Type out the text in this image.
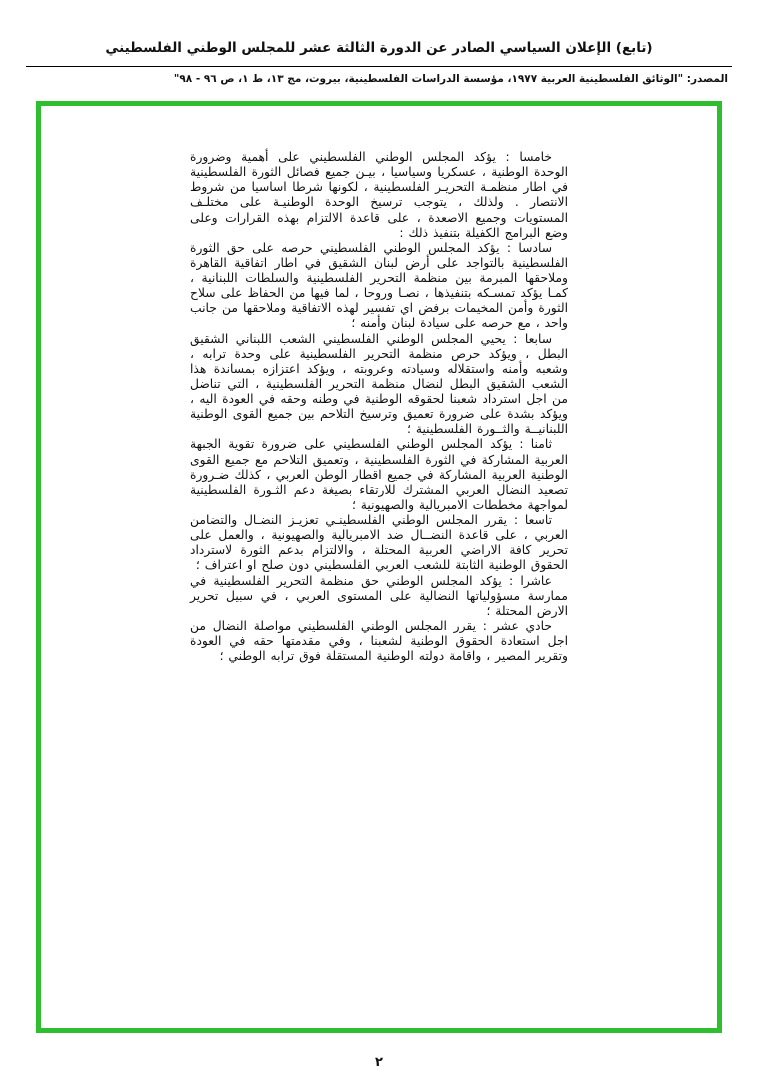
(تابع) الإعلان السياسي الصادر عن الدورة الثالثة عشر للمجلس الوطني الفلسطيني
المصدر: "الوثائق الفلسطينية العربية ١٩٧٧، مؤسسة الدراسات الفلسطينية، بيروت، مج ١٣، ط ١، ص ٩٦ - ٩٨"

خامسا : يؤكد المجلس الوطني الفلسطيني على أهمية وضرورة الوحدة الوطنية ، عسكريا وسياسيا ، بيـن جميع فصائل الثورة الفلسطينية في اطار منظمـة التحريـر الفلسطينية ، لكونها شرطا اساسيا من شروط الانتصار . ولذلك ، يتوجب ترسيخ الوحدة الوطنيـة على مختلـف المستويات وجميع الاصعدة ، على قاعدة الالتزام بهذه القرارات وعلى وضع البرامج الكفيلة بتنفيذ ذلك :

سادسا : يؤكد المجلس الوطني الفلسطيني حرصه على حق الثورة الفلسطينية بالتواجد على أرض لبنان الشقيق في اطار اتفاقية القاهرة وملاحقها المبرمة بين منظمة التحرير الفلسطينية والسلطات اللبنانية ، كمـا يؤكد تمسـكه بتنفيذها ، نصـا وروحا ، لما فيها من الحفاظ على سلاح الثورة وأمن المخيمات برفض اي تفسير لهذه الاتفاقية وملاحقها من جانب واحد ، مع حرصه على سيادة لبنان وأمنه ؛

سابعا : يحيي المجلس الوطني الفلسطيني الشعب اللبناني الشقيق البطل ، ويؤكد حرص منظمة التحرير الفلسطينية على وحدة ترابه ، وشعبه وأمنه واستقلاله وسيادته وعروبته ، ويؤكد اعتزازه بمساندة هذا الشعب الشقيق البطل لنضال منظمة التحرير الفلسطينية ، التي تناضل من اجل استرداد شعبنا لحقوقه الوطنية في وطنه وحقه في العودة اليه ، ويؤكد بشدة على ضرورة تعميق وترسيخ التلاحم بين جميع القوى الوطنية اللبنانيــة والثــورة الفلسطينية ؛

ثامنا : يؤكد المجلس الوطني الفلسطيني على ضرورة تقوية الجبهة العربية المشاركة في الثورة الفلسطينية ، وتعميق التلاحم مع جميع القوى الوطنية العربية المشاركة في جميع اقطار الوطن العربي ، كذلك ضـرورة تصعيد النضال العربي المشترك للارتقاء بصيغة دعم الثـورة الفلسطينية لمواجهة مخططات الامبريالية والصهيونية ؛

تاسعا : يقرر المجلس الوطني الفلسطينـي تعزيـز النضـال والتضامن العربي ، على قاعدة النضــال ضد الامبريالية والصهيونية ، والعمل على تحرير كافة الاراضي العربية المحتلة ، والالتزام بدعم الثورة لاسترداد الحقوق الوطنية الثابتة للشعب العربي الفلسطيني دون صلح او اعتراف ؛

عاشرا : يؤكد المجلس الوطني حق منظمة التحرير الفلسطينية في ممارسة مسؤولياتها النضالية على المستوى العربي ، في سبيل تحرير الارض المحتلة ؛

حادي عشر : يقرر المجلس الوطني الفلسطيني مواصلة النضال من اجل استعادة الحقوق الوطنية لشعبنا ، وفي مقدمتها حقه في العودة وتقرير المصير ، واقامة دولته الوطنية المستقلة فوق ترابه الوطني ؛

٢
